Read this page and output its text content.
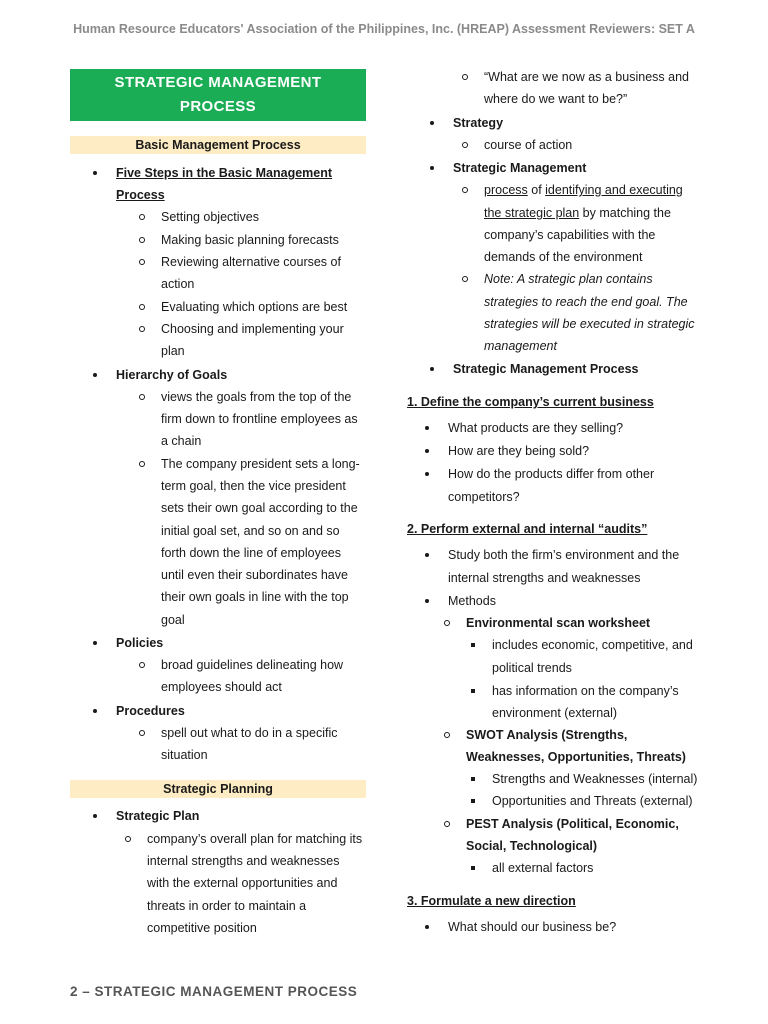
Human Resource Educators' Association of the Philippines, Inc. (HREAP) Assessment Reviewers: SET A
STRATEGIC MANAGEMENT
PROCESS
Basic Management Process
Five Steps in the Basic Management
Process
Setting objectives
Making basic planning forecasts
Reviewing alternative courses of
action
Evaluating which options are best
Choosing and implementing your
plan
Hierarchy of Goals
views the goals from the top of the
firm down to frontline employees as
a chain
The company president sets a long-
term goal, then the vice president
sets their own goal according to the
initial goal set, and so on and so
forth down the line of employees
until even their subordinates have
their own goals in line with the top
goal
Policies
broad guidelines delineating how
employees should act
Procedures
spell out what to do in a specific
situation
Strategic Planning
Strategic Plan
company’s overall plan for matching its
internal strengths and weaknesses
with the external opportunities and
threats in order to maintain a
competitive position
“What are we now as a business and
where do we want to be?”
Strategy
course of action
Strategic Management
process of identifying and executing
the strategic plan by matching the
company’s capabilities with the
demands of the environment
Note: A strategic plan contains
strategies to reach the end goal. The
strategies will be executed in strategic
management
Strategic Management Process
1. Define the company’s current business
What products are they selling?
How are they being sold?
How do the products differ from other
competitors?
2. Perform external and internal “audits”
Study both the firm’s environment and the
internal strengths and weaknesses
Methods
Environmental scan worksheet
includes economic, competitive, and
political trends
has information on the company’s
environment (external)
SWOT Analysis (Strengths,
Weaknesses, Opportunities, Threats)
Strengths and Weaknesses (internal)
Opportunities and Threats (external)
PEST Analysis (Political, Economic,
Social, Technological)
all external factors
3. Formulate a new direction
What should our business be?
2 – STRATEGIC MANAGEMENT PROCESS
